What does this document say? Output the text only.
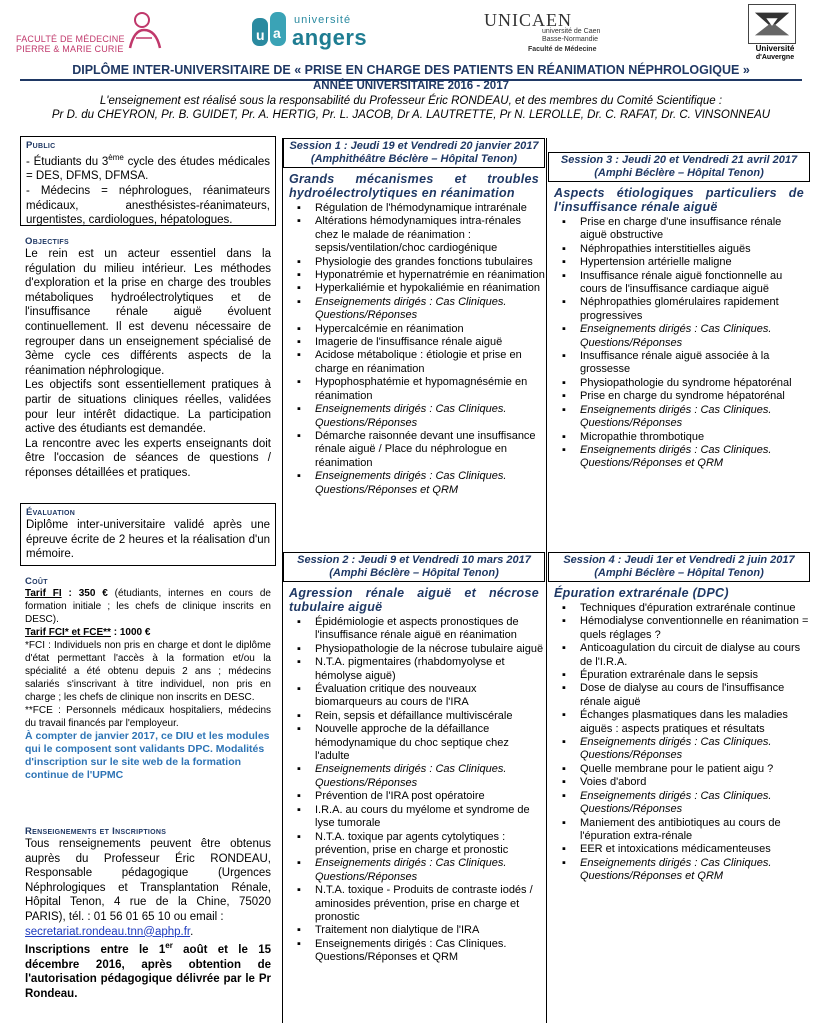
FACULTÉ DE MÉDECINE
PIERRE & MARIE CURIE
u a
université
angers
UNICAEN
université de Caen
Basse-Normandie
Faculté de Médecine	Université
d'Auvergne
DIPLÔME INTER-UNIVERSITAIRE DE « PRISE EN CHARGE DES PATIENTS EN RÉANIMATION NÉPHROLOGIQUE »
ANNÉE UNIVERSITAIRE 2016 - 2017
L'enseignement est réalisé sous la responsabilité du Professeur Éric RONDEAU, et des membres du Comité Scientifique :
Pr D. du CHEYRON, Pr. B. GUIDET, Pr. A. HERTIG, Pr. L. JACOB, Dr A. LAUTRETTE, Pr N. LEROLLE, Dr. C. RAFAT, Dr. C. VINSONNEAU
Public
- Étudiants du 3ème cycle des études médicales = DES, DFMS, DFMSA.
- Médecins = néphrologues, réanimateurs médicaux, anesthésistes-réanimateurs, urgentistes, cardiologues, hépatologues.
Objectifs
Le rein est un acteur essentiel dans la régulation du milieu intérieur. Les méthodes d'exploration et la prise en charge des troubles métaboliques hydroélectrolytiques et de l'insuffisance rénale aiguë évoluent continuellement. Il est devenu nécessaire de regrouper dans un enseignement spécialisé de 3ème cycle ces différents aspects de la réanimation néphrologique.
Les objectifs sont essentiellement pratiques à partir de situations cliniques réelles, validées pour leur intérêt didactique. La participation active des étudiants est demandée.
La rencontre avec les experts enseignants doit être l'occasion de séances de questions / réponses détaillées et pratiques.
Évaluation
Diplôme inter-universitaire validé après une épreuve écrite de 2 heures et la réalisation d'un mémoire.
Coût
Tarif FI : 350 € (étudiants, internes en cours de formation initiale ; les chefs de clinique inscrits en DESC).
Tarif FCI* et FCE** : 1000 €
*FCI : Individuels non pris en charge et dont le diplôme d'état permettant l'accès à la formation et/ou la spécialité a été obtenu depuis 2 ans ; médecins salariés s'inscrivant à titre individuel, non pris en charge ; les chefs de clinique non inscrits en DESC.
**FCE : Personnels médicaux hospitaliers, médecins du travail financés par l'employeur.
À compter de janvier 2017, ce DIU et les modules qui le composent sont validants DPC. Modalités d'inscription sur le site web de la formation continue de l'UPMC
Renseignements et Inscriptions
Tous renseignements peuvent être obtenus auprès du Professeur Éric RONDEAU, Responsable pédagogique (Urgences Néphrologiques et Transplantation Rénale, Hôpital Tenon, 4 rue de la Chine, 75020 PARIS), tél. : 01 56 01 65 10 ou email :
secretariat.rondeau.tnn@aphp.fr.
Inscriptions entre le 1er août et le 15 décembre 2016, après obtention de l'autorisation pédagogique délivrée par le Pr Rondeau.
Session 1 : Jeudi 19 et Vendredi 20 janvier 2017
(Amphithéâtre Béclère – Hôpital Tenon)
Grands mécanismes et troubles hydroélectrolytiques en réanimation
▪ Régulation de l'hémodynamique intrarénale
▪ Altérations hémodynamiques intra-rénales chez le malade de réanimation : sepsis/ventilation/choc cardiogénique
▪ Physiologie des grandes fonctions tubulaires
▪ Hyponatrémie et hypernatrémie en réanimation
▪ Hyperkaliémie et hypokaliémie en réanimation
▪ Enseignements dirigés : Cas Cliniques. Questions/Réponses
▪ Hypercalcémie en réanimation
▪ Imagerie de l'insuffisance rénale aiguë
▪ Acidose métabolique : étiologie et prise en charge en réanimation
▪ Hypophosphatémie et hypomagnésémie en réanimation
▪ Enseignements dirigés : Cas Cliniques. Questions/Réponses
▪ Démarche raisonnée devant une insuffisance rénale aiguë / Place du néphrologue en réanimation
▪ Enseignements dirigés : Cas Cliniques. Questions/Réponses et QRM
Session 2 : Jeudi 9 et Vendredi 10 mars 2017
(Amphi Béclère – Hôpital Tenon)
Agression rénale aiguë et nécrose tubulaire aiguë
▪ Épidémiologie et aspects pronostiques de l'insuffisance rénale aiguë en réanimation
▪ Physiopathologie de la nécrose tubulaire aiguë
▪ N.T.A. pigmentaires (rhabdomyolyse et hémolyse aiguë)
▪ Évaluation critique des nouveaux biomarqueurs au cours de l'IRA
▪ Rein, sepsis et défaillance multiviscérale
▪ Nouvelle approche de la défaillance hémodynamique du choc septique chez l'adulte
▪ Enseignements dirigés : Cas Cliniques. Questions/Réponses
▪ Prévention de l'IRA post opératoire
▪ I.R.A. au cours du myélome et syndrome de lyse tumorale
▪ N.T.A. toxique par agents cytolytiques : prévention, prise en charge et pronostic
▪ Enseignements dirigés : Cas Cliniques. Questions/Réponses
▪ N.T.A. toxique - Produits de contraste iodés / aminosides prévention, prise en charge et pronostic
▪ Traitement non dialytique de l'IRA
▪ Enseignements dirigés : Cas Cliniques. Questions/Réponses et QRM
Session 3 : Jeudi 20 et Vendredi 21 avril 2017
(Amphi Béclère – Hôpital Tenon)
Aspects étiologiques particuliers de l'insuffisance rénale aiguë
▪ Prise en charge d'une insuffisance rénale aiguë obstructive
▪ Néphropathies interstitielles aiguës
▪ Hypertension artérielle maligne
▪ Insuffisance rénale aiguë fonctionnelle au cours de l'insuffisance cardiaque aiguë
▪ Néphropathies glomérulaires rapidement progressives
▪ Enseignements dirigés : Cas Cliniques. Questions/Réponses
▪ Insuffisance rénale aiguë associée à la grossesse
▪ Physiopathologie du syndrome hépatorénal
▪ Prise en charge du syndrome hépatorénal
▪ Enseignements dirigés : Cas Cliniques. Questions/Réponses
▪ Micropathie thrombotique
▪ Enseignements dirigés : Cas Cliniques. Questions/Réponses et QRM
Session 4 : Jeudi 1er et Vendredi 2 juin 2017
(Amphi Béclère – Hôpital Tenon)
Épuration extrarénale (DPC)
▪ Techniques d'épuration extrarénale continue
▪ Hémodialyse conventionnelle en réanimation = quels réglages ?
▪ Anticoagulation du circuit de dialyse au cours de l'I.R.A.
▪ Épuration extrarénale dans le sepsis
▪ Dose de dialyse au cours de l'insuffisance rénale aiguë
▪ Échanges plasmatiques dans les maladies aiguës : aspects pratiques et résultats
▪ Enseignements dirigés : Cas Cliniques. Questions/Réponses
▪ Quelle membrane pour le patient aigu ?
▪ Voies d'abord
▪ Enseignements dirigés : Cas Cliniques. Questions/Réponses
▪ Maniement des antibiotiques au cours de l'épuration extra-rénale
▪ EER et intoxications médicamenteuses
▪ Enseignements dirigés : Cas Cliniques. Questions/Réponses et QRM
